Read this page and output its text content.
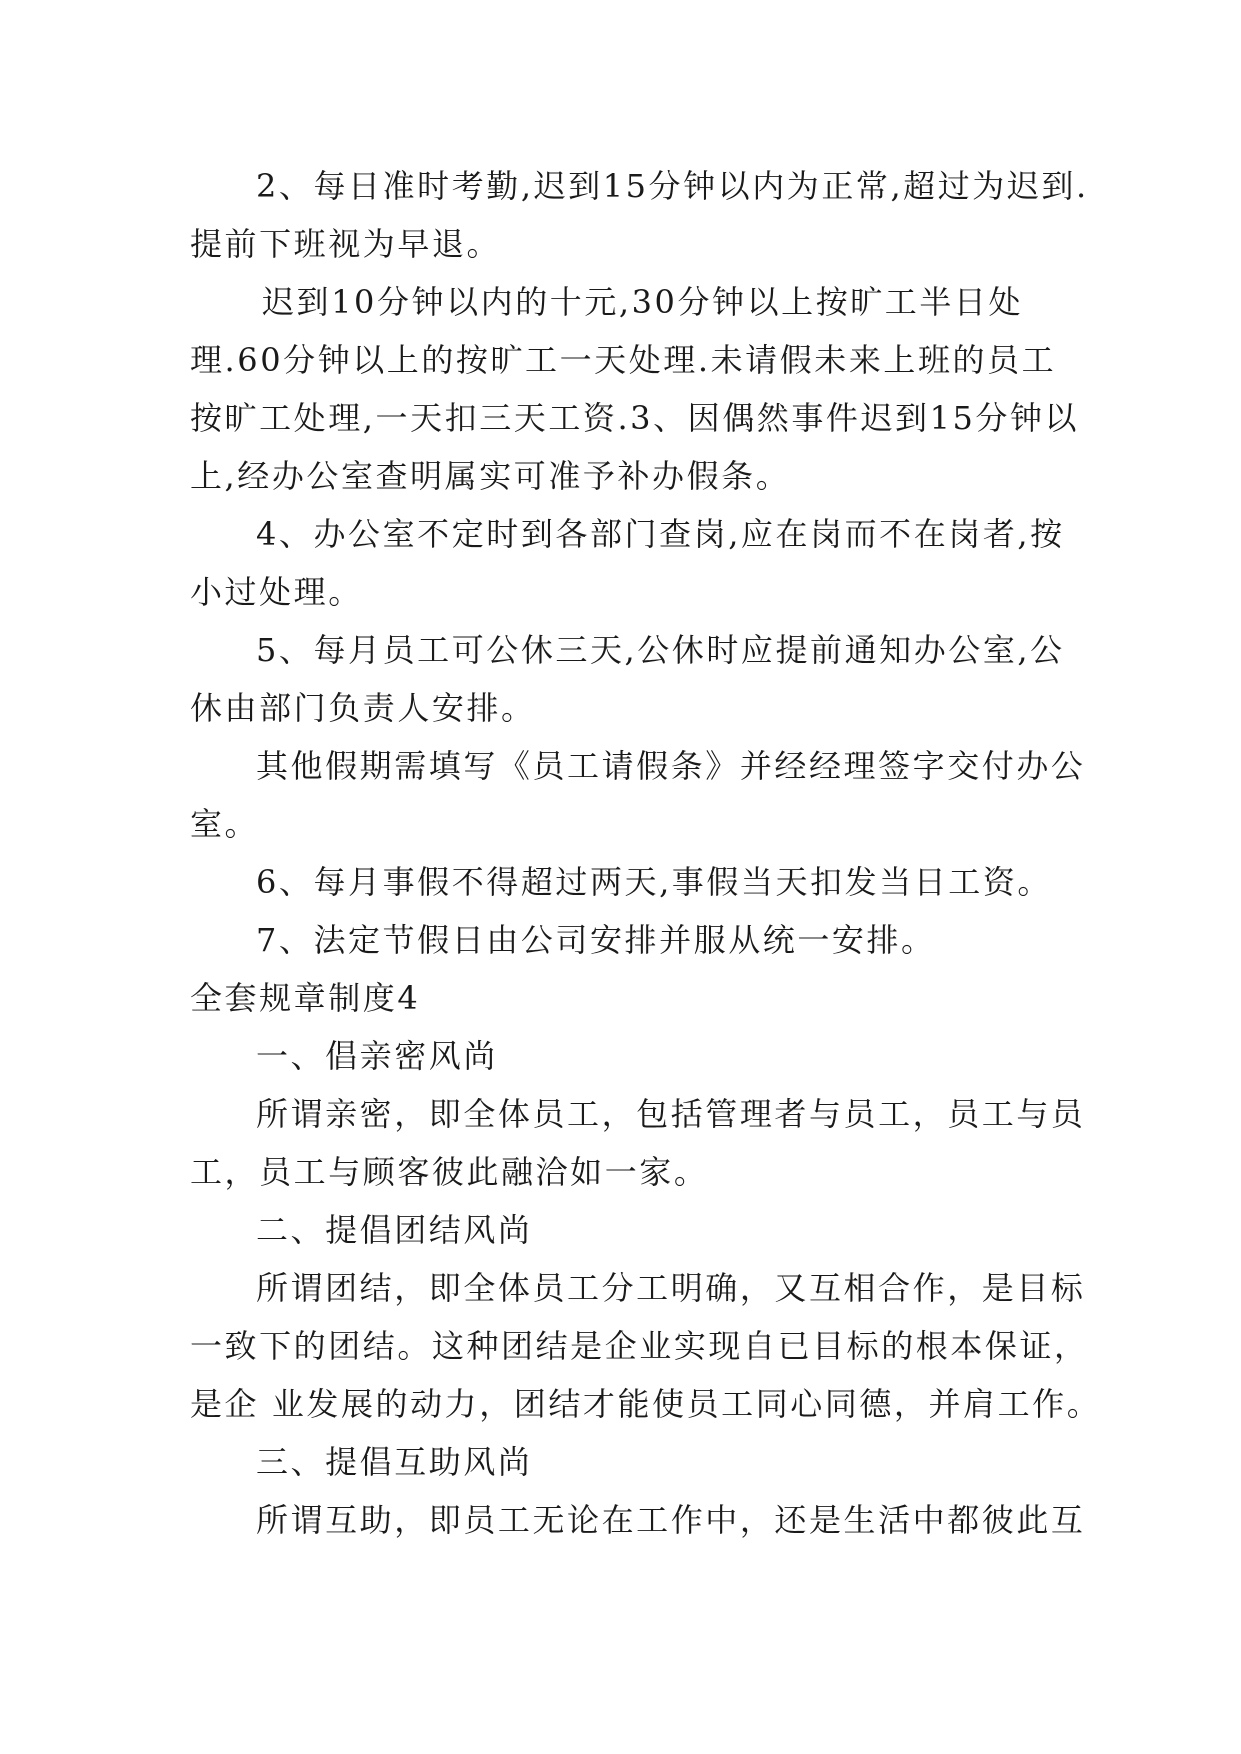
2、每日准时考勤,迟到15分钟以内为正常,超过为迟到.
提前下班视为早退。
迟到10分钟以内的十元,30分钟以上按旷工半日处
理.60分钟以上的按旷工一天处理.未请假未来上班的员工
按旷工处理,一天扣三天工资.3、因偶然事件迟到15分钟以
上,经办公室查明属实可准予补办假条。
4、办公室不定时到各部门查岗,应在岗而不在岗者,按
小过处理。
5、每月员工可公休三天,公休时应提前通知办公室,公
休由部门负责人安排。
其他假期需填写《员工请假条》并经经理签字交付办公
室。
6、每月事假不得超过两天,事假当天扣发当日工资。
7、法定节假日由公司安排并服从统一安排。
全套规章制度4
一、倡亲密风尚
所谓亲密，即全体员工，包括管理者与员工，员工与员
工，员工与顾客彼此融洽如一家。
二、提倡团结风尚
所谓团结，即全体员工分工明确，又互相合作，是目标
一致下的团结。这种团结是企业实现自已目标的根本保证，
是企 业发展的动力，团结才能使员工同心同德，并肩工作。
三、提倡互助风尚
所谓互助，即员工无论在工作中，还是生活中都彼此互
